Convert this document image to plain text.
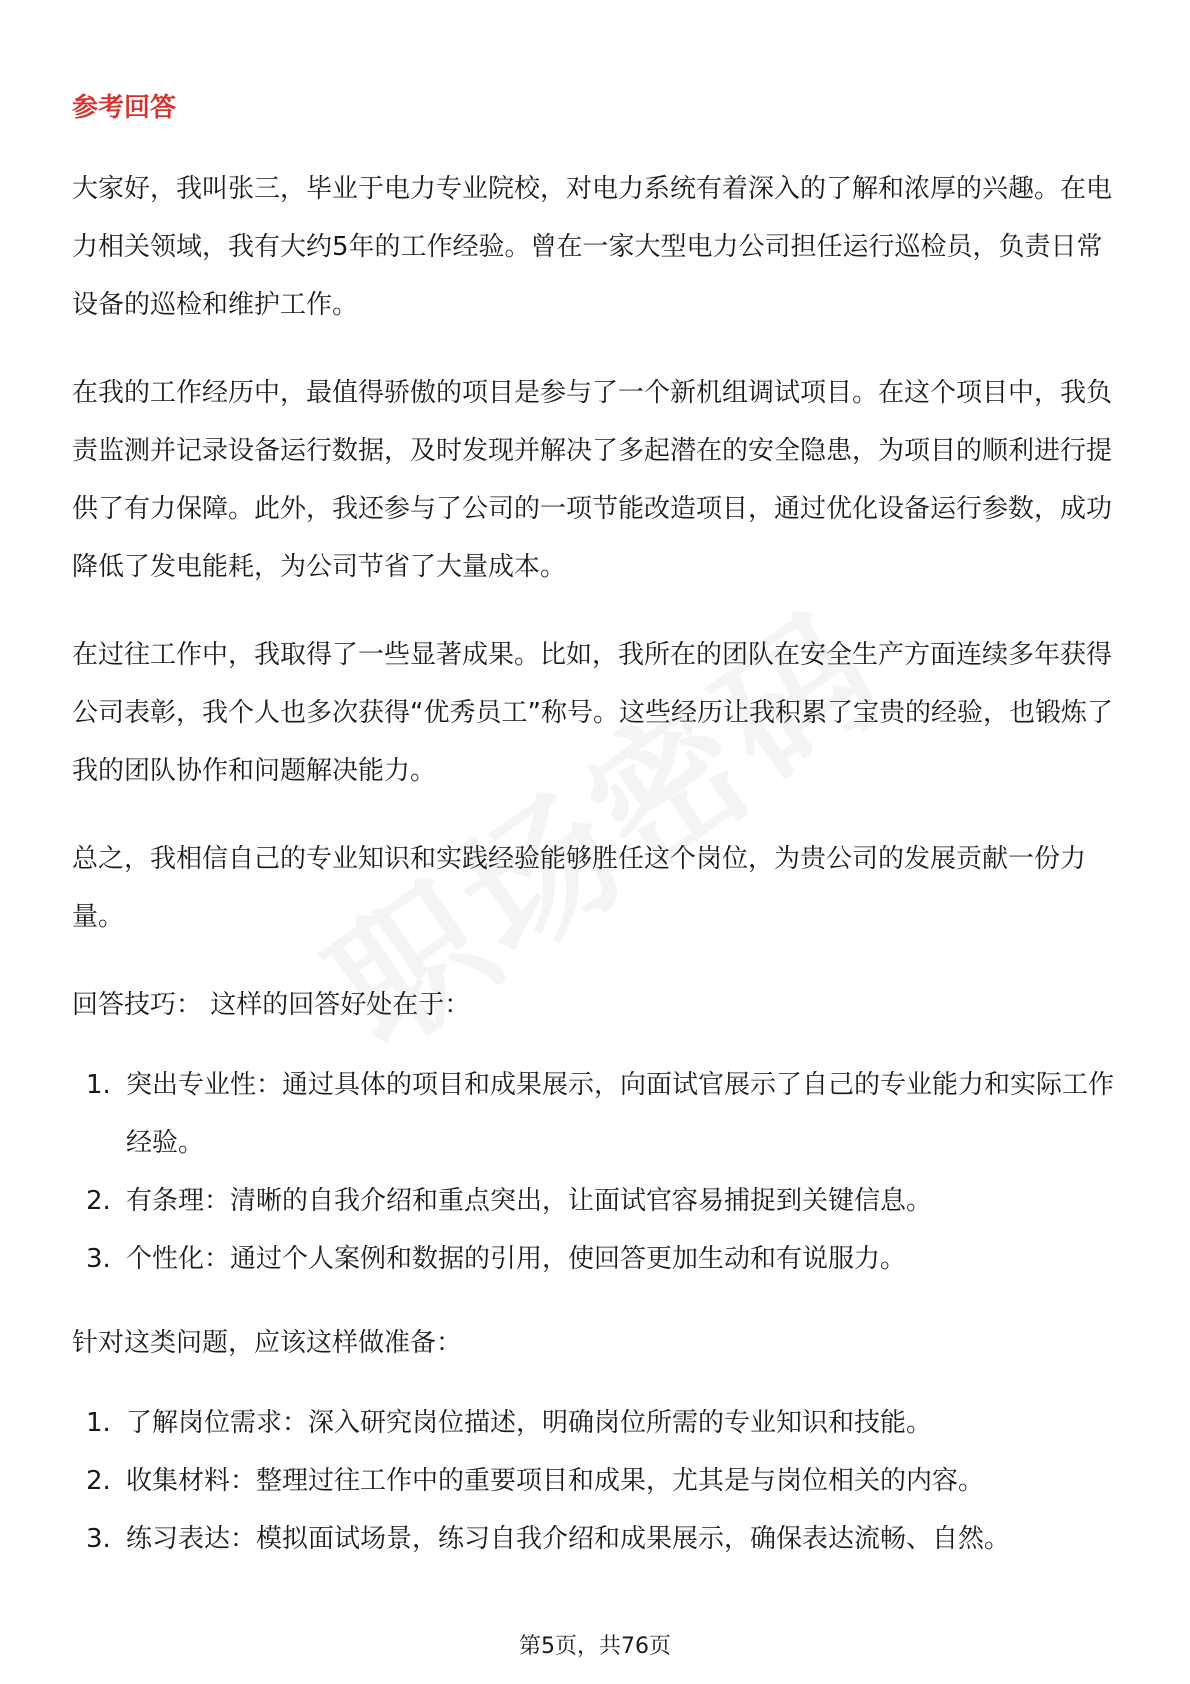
参考回答

大家好，我叫张三，毕业于电力专业院校，对电力系统有着深入的了解和浓厚的兴趣。在电力相关领域，我有大约5年的工作经验。曾在一家大型电力公司担任运行巡检员，负责日常设备的巡检和维护工作。

在我的工作经历中，最值得骄傲的项目是参与了一个新机组调试项目。在这个项目中，我负责监测并记录设备运行数据，及时发现并解决了多起潜在的安全隐患，为项目的顺利进行提供了有力保障。此外，我还参与了公司的一项节能改造项目，通过优化设备运行参数，成功降低了发电能耗，为公司节省了大量成本。

在过往工作中，我取得了一些显著成果。比如，我所在的团队在安全生产方面连续多年获得公司表彰，我个人也多次获得“优秀员工”称号。这些经历让我积累了宝贵的经验，也锻炼了我的团队协作和问题解决能力。

总之，我相信自己的专业知识和实践经验能够胜任这个岗位，为贵公司的发展贡献一份力量。

回答技巧： 这样的回答好处在于：

1. 突出专业性：通过具体的项目和成果展示，向面试官展示了自己的专业能力和实际工作经验。
2. 有条理：清晰的自我介绍和重点突出，让面试官容易捕捉到关键信息。
3. 个性化：通过个人案例和数据的引用，使回答更加生动和有说服力。

针对这类问题，应该这样做准备：

1. 了解岗位需求：深入研究岗位描述，明确岗位所需的专业知识和技能。
2. 收集材料：整理过往工作中的重要项目和成果，尤其是与岗位相关的内容。
3. 练习表达：模拟面试场景，练习自我介绍和成果展示，确保表达流畅、自然。
第5页，共76页
